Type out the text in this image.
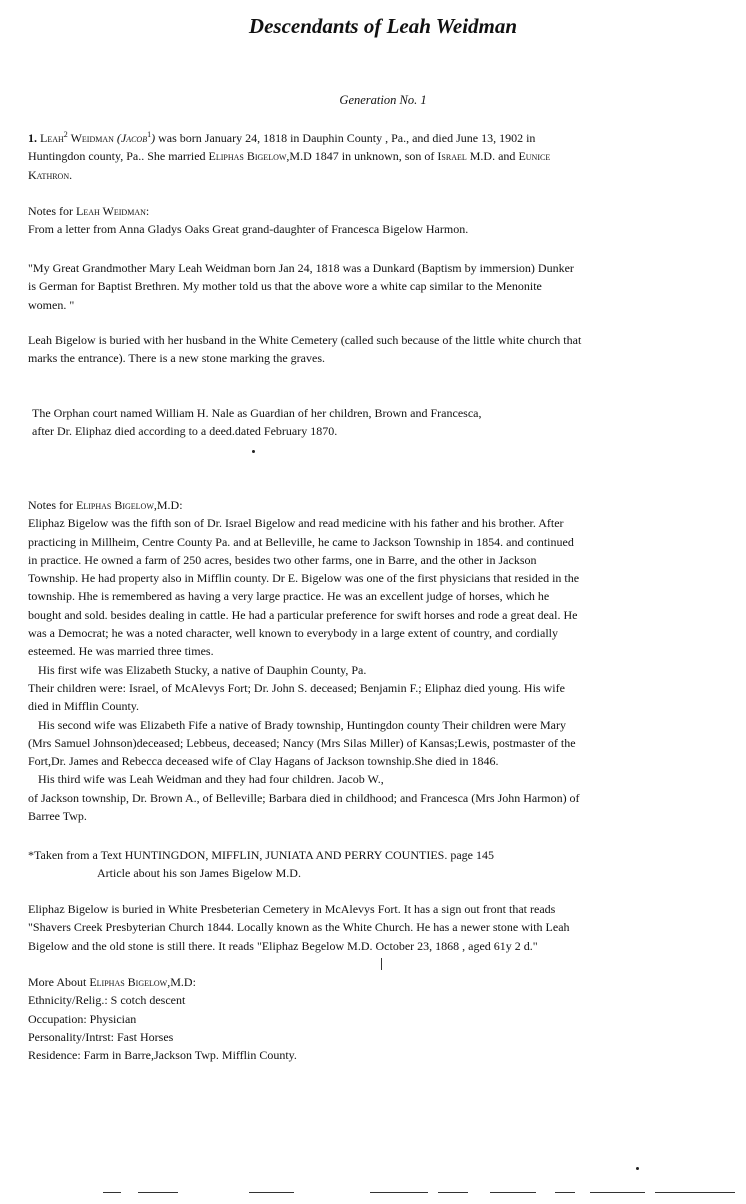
Descendants of Leah Weidman
Generation No. 1
1. Leah$^2$ Weidman (Jacob$^1$) was born January 24, 1818 in Dauphin County , Pa., and died June 13, 1902 in
Huntingdon county, Pa.. She married Eliphas Bigelow,M.D 1847 in unknown, son of Israel M.D. and Eunice
Kathron.
Notes for Leah Weidman:
From a letter from Anna Gladys Oaks Great grand-daughter of Francesca Bigelow Harmon.
"My Great Grandmother Mary Leah Weidman born Jan 24, 1818 was a Dunkard (Baptism by immersion) Dunker
is German for Baptist Brethren. My mother told us that the above wore a white cap similar to the Menonite
women. "
Leah Bigelow is buried with her husband in the White Cemetery (called such because of the little white church that
marks the entrance). There is a new stone marking the graves.
The Orphan court named William H. Nale as Guardian of her children, Brown and Francesca,
after Dr. Eliphaz died according to a deed.dated February 1870.
Notes for Eliphas Bigelow,M.D:
Eliphaz Bigelow was the fifth son of Dr. Israel Bigelow and read medicine with his father and his brother. After
practicing in Millheim, Centre County Pa. and at Belleville, he came to Jackson Township in 1854. and continued
in practice. He owned a farm of 250 acres, besides two other farms, one in Barre, and the other in Jackson
Township. He had property also in Mifflin county. Dr E. Bigelow was one of the first physicians that resided in the
township. Hhe is remembered as having a very large practice. He was an excellent judge of horses, which he
bought and sold. besides dealing in cattle. He had a particular preference for swift horses and rode a great deal. He
was a Democrat; he was a noted character, well known to everybody in a large extent of country, and cordially
esteemed. He was married three times.
His first wife was Elizabeth Stucky, a native of Dauphin County, Pa.
Their children were: Israel, of McAlevys Fort; Dr. John S. deceased; Benjamin F.; Eliphaz died young. His wife
died in Mifflin County.
His second wife was Elizabeth Fife a native of Brady township, Huntingdon county Their children were Mary
(Mrs Samuel Johnson)deceased; Lebbeus, deceased; Nancy (Mrs Silas Miller) of Kansas;Lewis, postmaster of the
Fort,Dr. James and Rebecca deceased wife of Clay Hagans of Jackson township.She died in 1846.
His third wife was Leah Weidman and they had four children. Jacob W.,
of Jackson township, Dr. Brown A., of Belleville; Barbara died in childhood; and Francesca (Mrs John Harmon) of
Barree Twp.
*Taken from a Text HUNTINGDON, MIFFLIN, JUNIATA AND PERRY COUNTIES. page 145
Article about his son James Bigelow M.D.
Eliphaz Bigelow is buried in White Presbeterian Cemetery in McAlevys Fort. It has a sign out front that reads
"Shavers Creek Presbyterian Church 1844. Locally known as the White Church. He has a newer stone with Leah
Bigelow and the old stone is still there. It reads "Eliphaz Begelow M.D. October 23, 1868 , aged 61y 2 d."
More About Eliphas Bigelow,M.D:
Ethnicity/Relig.: S cotch descent
Occupation: Physician
Personality/Intrst: Fast Horses
Residence: Farm in Barre,Jackson Twp. Mifflin County.
